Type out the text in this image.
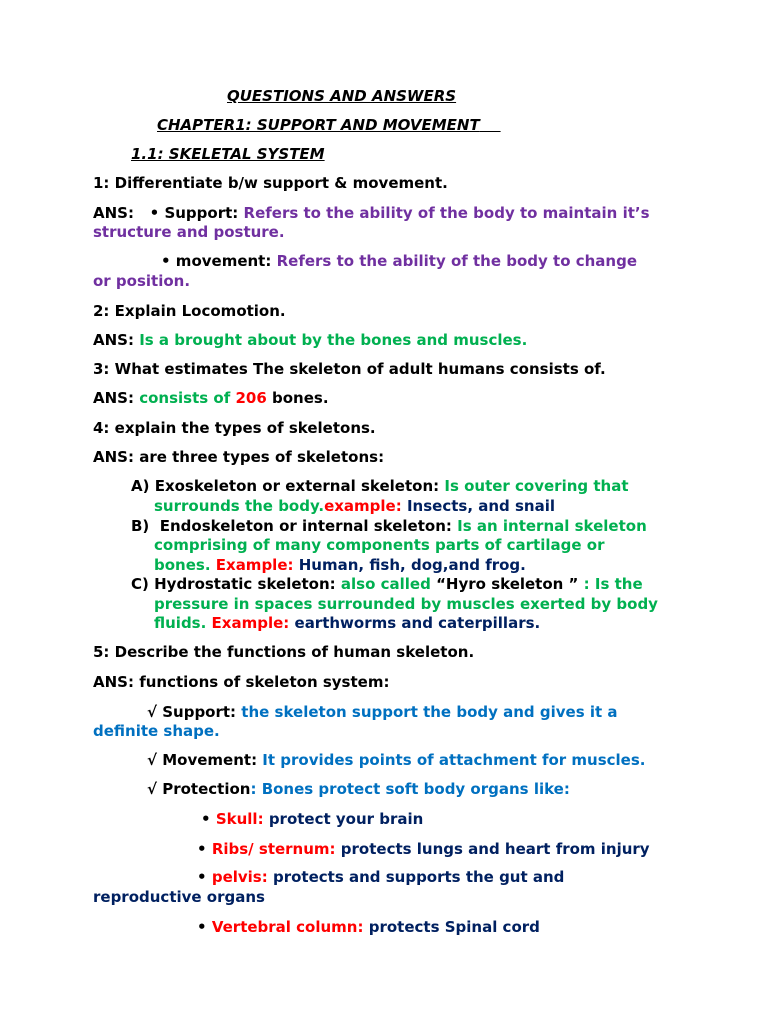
QUESTIONS AND ANSWERS
CHAPTER1: SUPPORT AND MOVEMENT
1.1: SKELETAL SYSTEM
1: Differentiate b/w support & movement.
ANS: • Support: Refers to the ability of the body to maintain it’s
structure and posture.
• movement: Refers to the ability of the body to change
or position.
2: Explain Locomotion.
ANS: Is a brought about by the bones and muscles.
3: What estimates The skeleton of adult humans consists of.
ANS: consists of 206 bones.
4: explain the types of skeletons.
ANS: are three types of skeletons:
A) Exoskeleton or external skeleton: Is outer covering that
surrounds the body.example: Insects, and snail
B) Endoskeleton or internal skeleton: Is an internal skeleton
comprising of many components parts of cartilage or
bones. Example: Human, fish, dog,and frog.
C) Hydrostatic skeleton: also called “Hyro skeleton ” : Is the
pressure in spaces surrounded by muscles exerted by body
fluids. Example: earthworms and caterpillars.
5: Describe the functions of human skeleton.
ANS: functions of skeleton system:
√ Support: the skeleton support the body and gives it a
definite shape.
√ Movement: It provides points of attachment for muscles.
√ Protection: Bones protect soft body organs like:
• Skull: protect your brain
• Ribs/ sternum: protects lungs and heart from injury
• pelvis: protects and supports the gut and
reproductive organs
• Vertebral column: protects Spinal cord
